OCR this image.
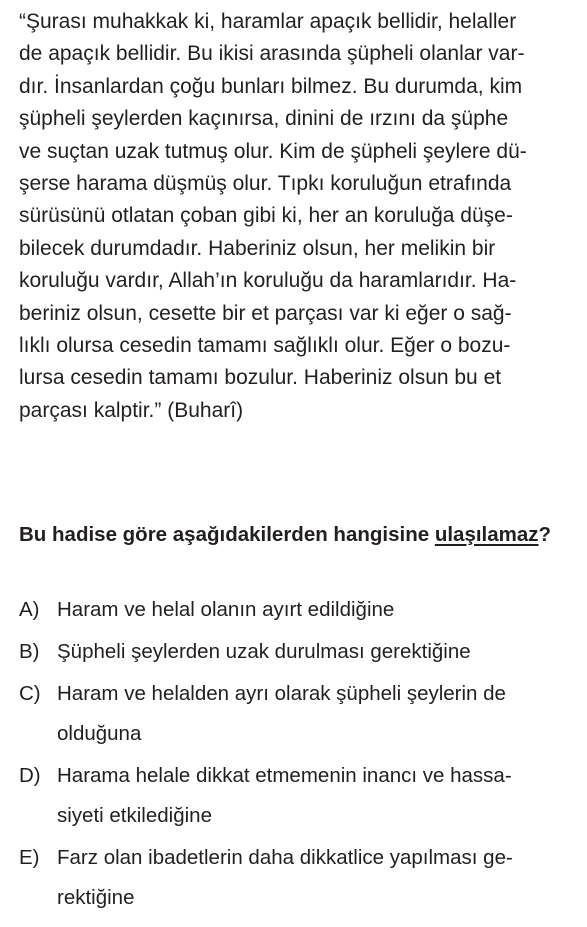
“Şurası muhakkak ki, haramlar apaçık bellidir, helaller
de apaçık bellidir. Bu ikisi arasında şüpheli olanlar var-
dır. İnsanlardan çoğu bunları bilmez. Bu durumda, kim
şüpheli şeylerden kaçınırsa, dinini de ırzını da şüphe
ve suçtan uzak tutmuş olur. Kim de şüpheli şeylere dü-
şerse harama düşmüş olur. Tıpkı koruluğun etrafında
sürüsünü otlatan çoban gibi ki, her an koruluğa düşe-
bilecek durumdadır. Haberiniz olsun, her melikin bir
koruluğu vardır, Allah’ın koruluğu da haramlarıdır. Ha-
beriniz olsun, cesette bir et parçası var ki eğer o sağ-
lıklı olursa cesedin tamamı sağlıklı olur. Eğer o bozu-
lursa cesedin tamamı bozulur. Haberiniz olsun bu et
parçası kalptir.” (Buharî)

Bu hadise göre aşağıdakilerden hangisine ulaşılamaz?

A) Haram ve helal olanın ayırt edildiğine
B) Şüpheli şeylerden uzak durulması gerektiğine
C) Haram ve helalden ayrı olarak şüpheli şeylerin de
olduğuna
D) Harama helale dikkat etmemenin inancı ve hassa-
siyeti etkilediğine
E) Farz olan ibadetlerin daha dikkatlice yapılması ge-
rektiğine
